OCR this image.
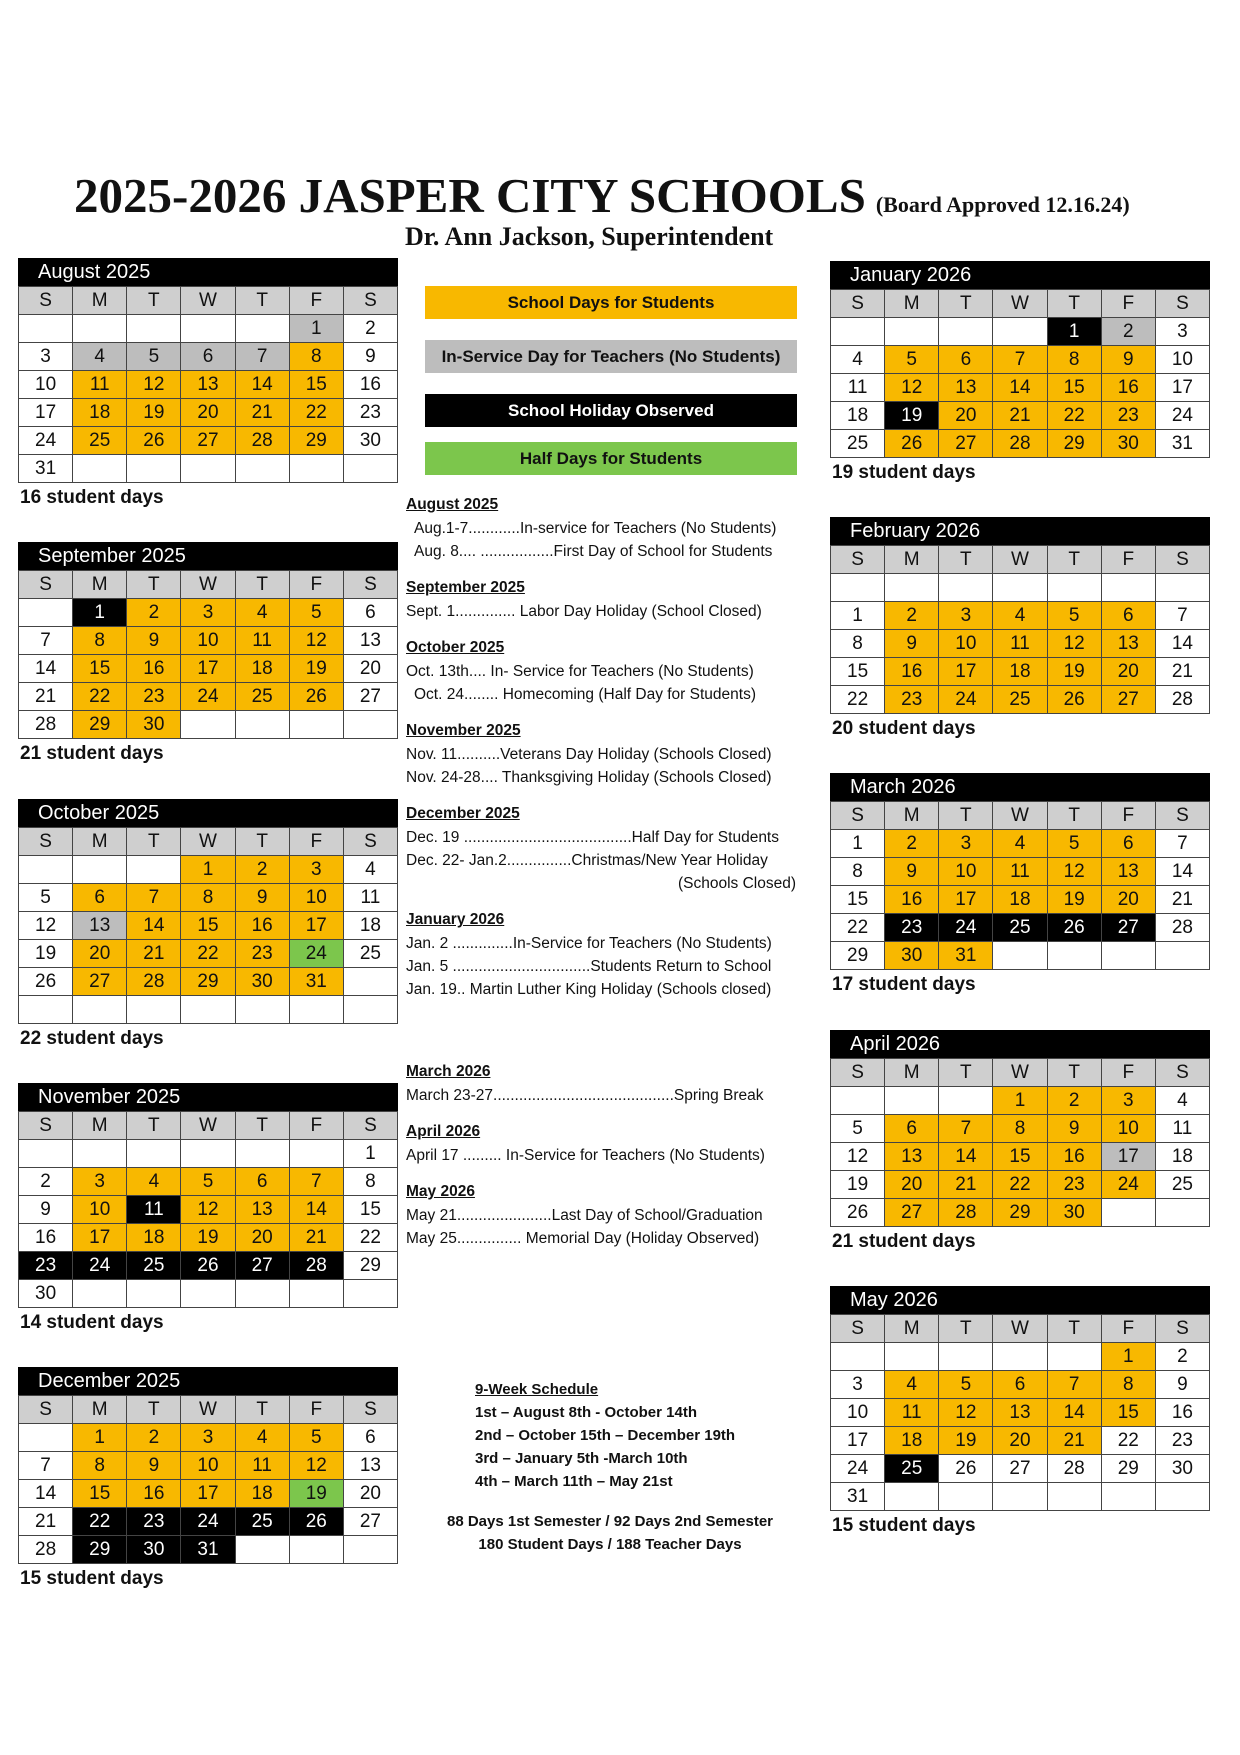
2025-2026 JASPER CITY SCHOOLS (Board Approved 12.16.24)
Dr. Ann Jackson, Superintendent
School Days for Students
In-Service Day for Teachers (No Students)
School Holiday Observed
Half Days for Students
August 2025
S	M	T	W	T	F	S
					1	2
3	4	5	6	7	8	9
10	11	12	13	14	15	16
17	18	19	20	21	22	23
24	25	26	27	28	29	30
31						
16 student days
September 2025
S	M	T	W	T	F	S
	1	2	3	4	5	6
7	8	9	10	11	12	13
14	15	16	17	18	19	20
21	22	23	24	25	26	27
28	29	30				
21 student days
October 2025
S	M	T	W	T	F	S
			1	2	3	4
5	6	7	8	9	10	11
12	13	14	15	16	17	18
19	20	21	22	23	24	25
26	27	28	29	30	31	

22 student days
November 2025
S	M	T	W	T	F	S
						1
2	3	4	5	6	7	8
9	10	11	12	13	14	15
16	17	18	19	20	21	22
23	24	25	26	27	28	29
30						
14 student days
December 2025
S	M	T	W	T	F	S
	1	2	3	4	5	6
7	8	9	10	11	12	13
14	15	16	17	18	19	20
21	22	23	24	25	26	27
28	29	30	31			
15 student days
January 2026
S	M	T	W	T	F	S
				1	2	3
4	5	6	7	8	9	10
11	12	13	14	15	16	17
18	19	20	21	22	23	24
25	26	27	28	29	30	31
19 student days
February 2026
S	M	T	W	T	F	S

1	2	3	4	5	6	7
8	9	10	11	12	13	14
15	16	17	18	19	20	21
22	23	24	25	26	27	28
20 student days
March 2026
S	M	T	W	T	F	S
1	2	3	4	5	6	7
8	9	10	11	12	13	14
15	16	17	18	19	20	21
22	23	24	25	26	27	28
29	30	31				
17 student days
April 2026
S	M	T	W	T	F	S
			1	2	3	4
5	6	7	8	9	10	11
12	13	14	15	16	17	18
19	20	21	22	23	24	25
26	27	28	29	30		
21 student days
May 2026
S	M	T	W	T	F	S
					1	2
3	4	5	6	7	8	9
10	11	12	13	14	15	16
17	18	19	20	21	22	23
24	25	26	27	28	29	30
31						
15 student days
August 2025
Aug.1-7............In-service for Teachers (No Students)
Aug. 8.... .................First Day of School for Students
September 2025
Sept. 1.............. Labor Day Holiday (School Closed)
October 2025
Oct. 13th.... In- Service for Teachers (No Students)
Oct. 24........ Homecoming (Half Day for Students)
November 2025
Nov. 11..........Veterans Day Holiday (Schools Closed)
Nov. 24-28.... Thanksgiving Holiday (Schools Closed)
December 2025
Dec. 19 .......................................Half Day for Students
Dec. 22- Jan.2...............Christmas/New Year Holiday
(Schools Closed)
January 2026
Jan. 2 ..............In-Service for Teachers (No Students)
Jan. 5 ................................Students Return to School
Jan. 19.. Martin Luther King Holiday (Schools closed)
March 2026
March 23-27..........................................Spring Break
April 2026
April 17 ......... In-Service for Teachers (No Students)
May 2026
May 21......................Last Day of School/Graduation
May 25............... Memorial Day (Holiday Observed)
9-Week Schedule
1st – August 8th - October 14th
2nd – October 15th – December 19th
3rd – January 5th -March 10th
4th – March 11th – May 21st
88 Days 1st Semester / 92 Days 2nd Semester
180 Student Days / 188 Teacher Days
